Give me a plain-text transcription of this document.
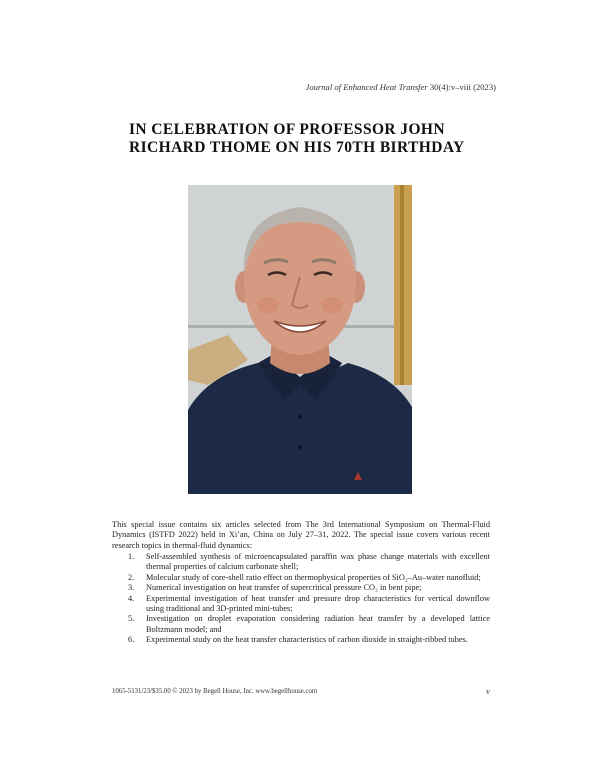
Journal of Enhanced Heat Transfer 30(4):v–viii (2023)
IN CELEBRATION OF PROFESSOR JOHN
RICHARD THOME ON HIS 70TH BIRTHDAY

This special issue contains six articles selected from The 3rd International Symposium on Thermal-Fluid Dynamics (ISTFD 2022) held in Xi’an, China on July 27–31, 2022. The special issue covers various recent research topics in thermal-fluid dynamics:

1. Self-assembled synthesis of microencapsulated paraffin wax phase change materials with excellent thermal properties of calcium carbonate shell;
2. Molecular study of core-shell ratio effect on thermophysical properties of SiO₂–Au–water nanofluid;
3. Numerical investigation on heat transfer of supercritical pressure CO₂ in bent pipe;
4. Experimental investigation of heat transfer and pressure drop characteristics for vertical downflow using traditional and 3D-printed mini-tubes;
5. Investigation on droplet evaporation considering radiation heat transfer by a developed lattice Boltzmann model; and
6. Experimental study on the heat transfer characteristics of carbon dioxide in straight-ribbed tubes.
1065-5131/23/$35.00 © 2023 by Begell House, Inc. www.begellhouse.com	v
